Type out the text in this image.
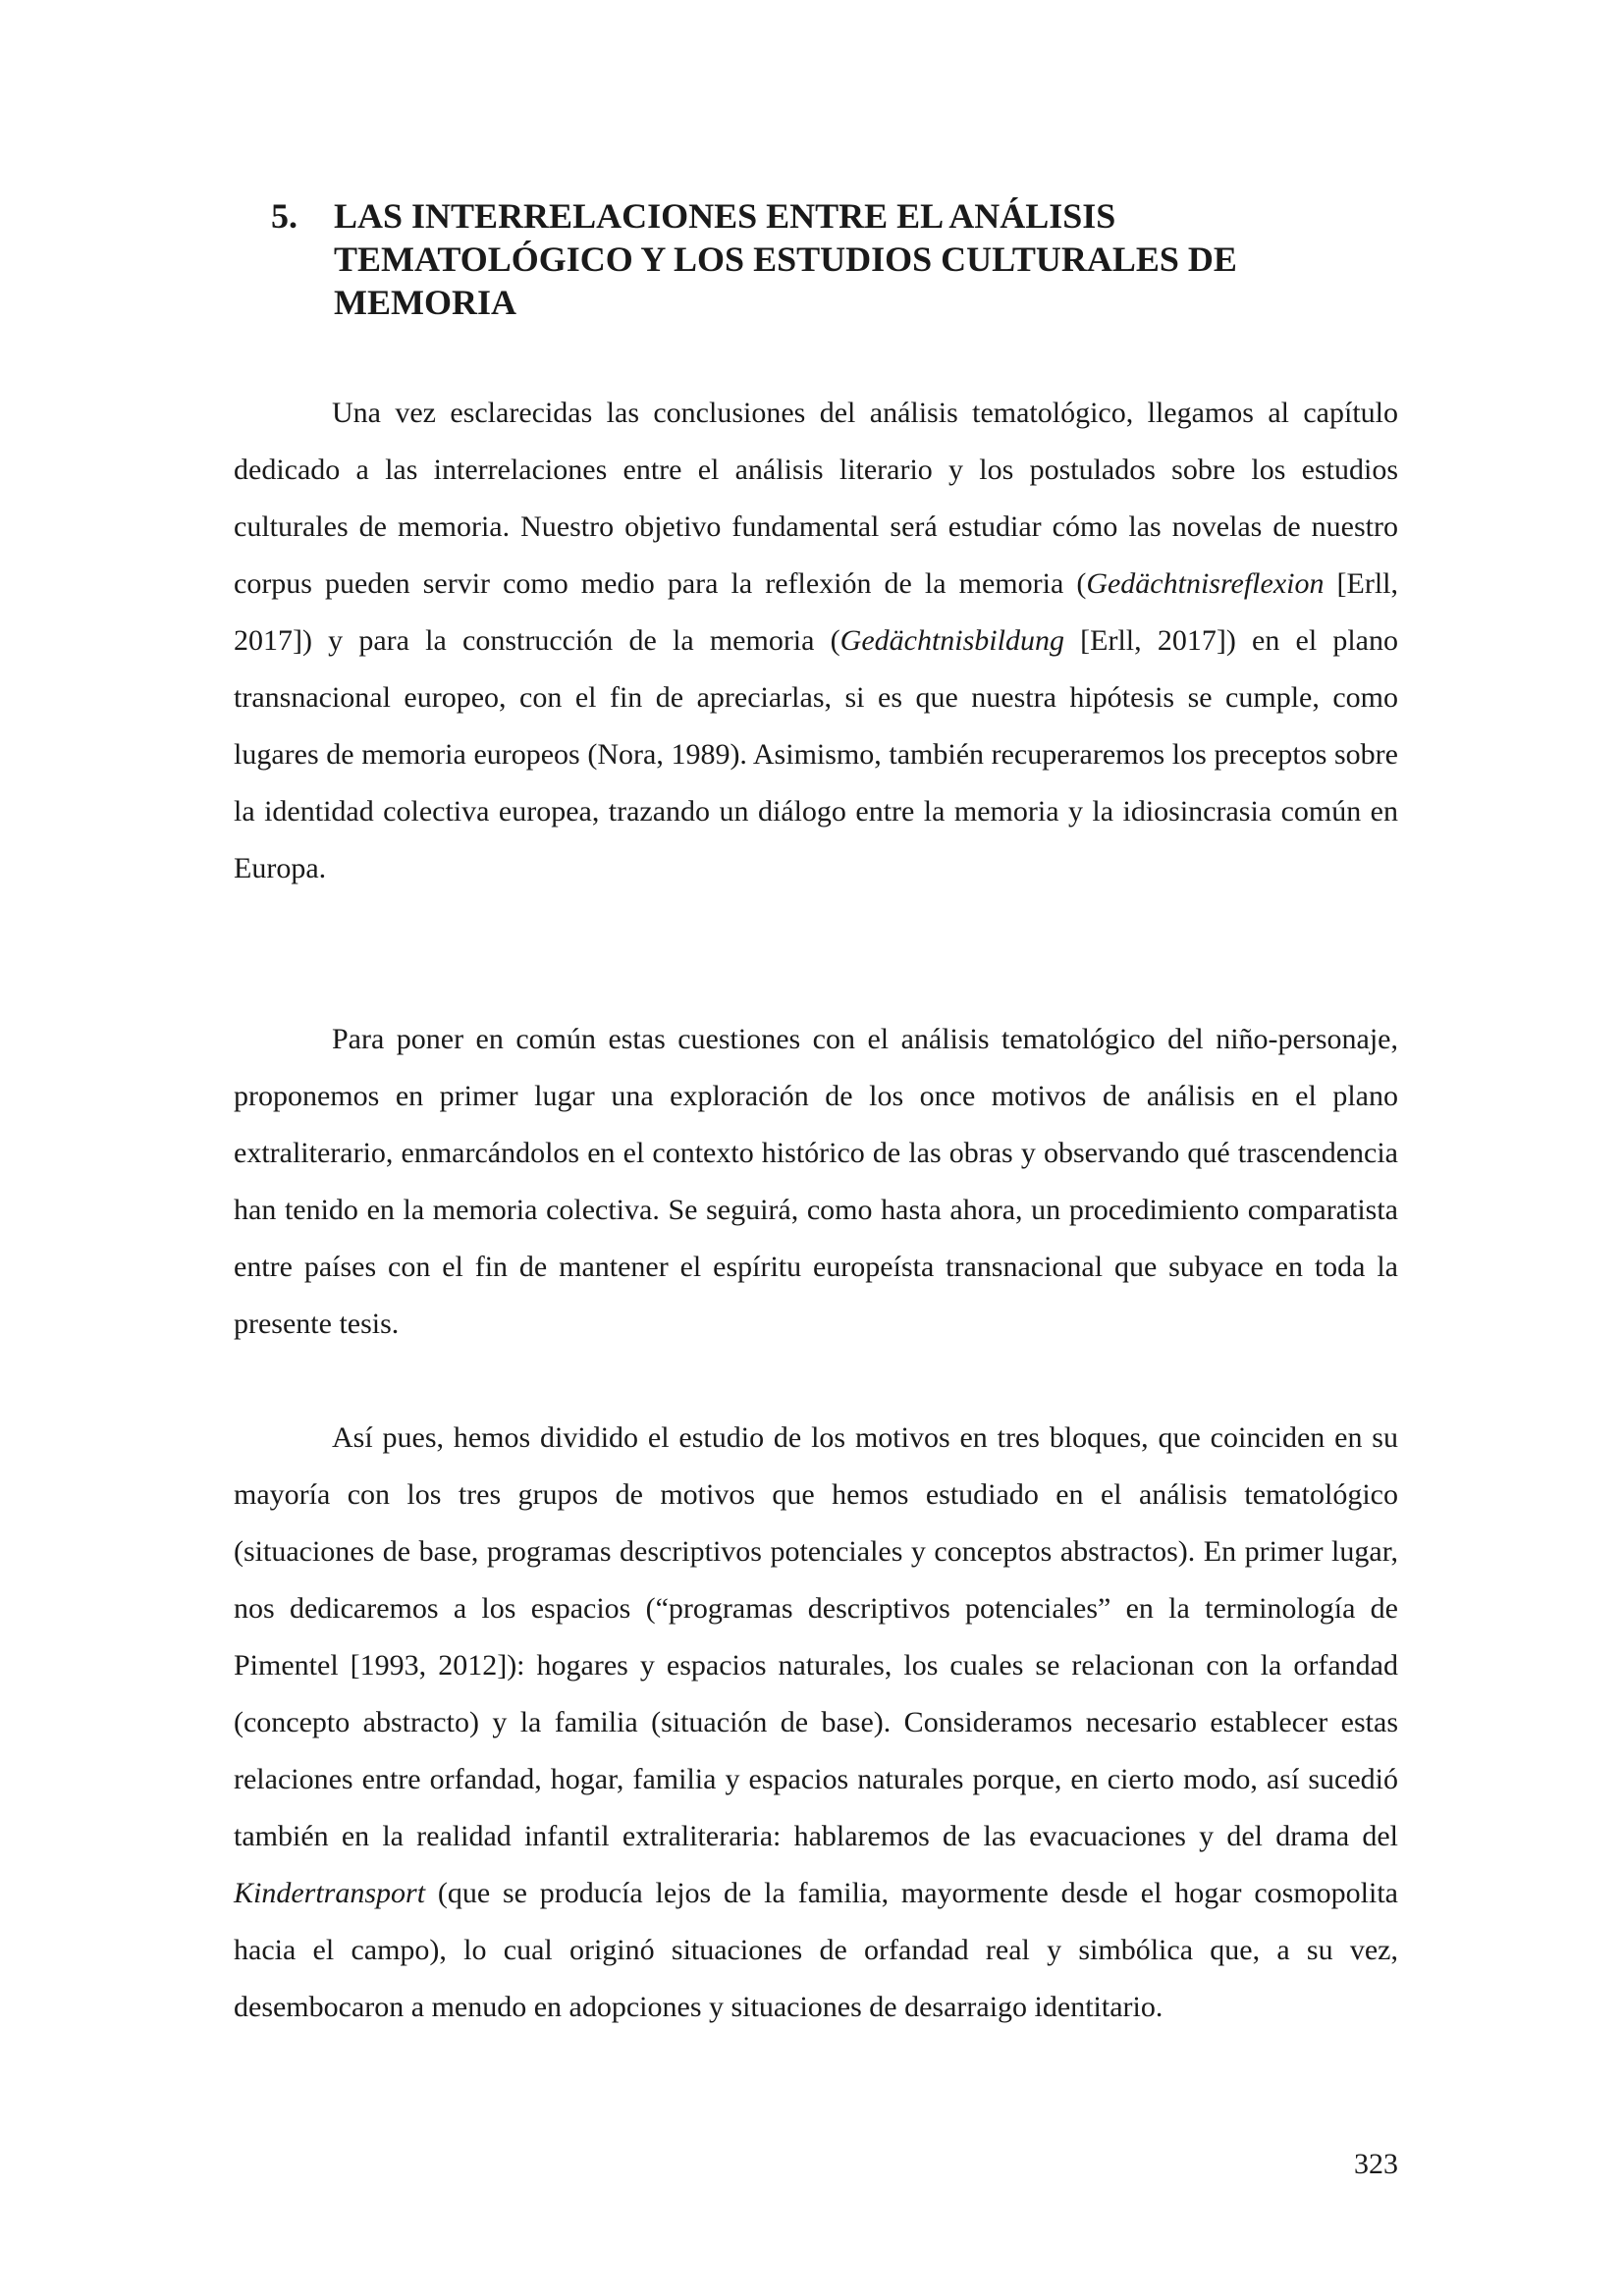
5.	LAS INTERRELACIONES ENTRE EL ANÁLISIS TEMATOLÓGICO Y LOS ESTUDIOS CULTURALES DE MEMORIA

Una vez esclarecidas las conclusiones del análisis tematológico, llegamos al capítulo dedicado a las interrelaciones entre el análisis literario y los postulados sobre los estudios culturales de memoria. Nuestro objetivo fundamental será estudiar cómo las novelas de nuestro corpus pueden servir como medio para la reflexión de la memoria (Gedächtnisreflexion [Erll, 2017]) y para la construcción de la memoria (Gedächtnisbildung [Erll, 2017]) en el plano transnacional europeo, con el fin de apreciarlas, si es que nuestra hipótesis se cumple, como lugares de memoria europeos (Nora, 1989). Asimismo, también recuperaremos los preceptos sobre la identidad colectiva europea, trazando un diálogo entre la memoria y la idiosincrasia común en Europa.

Para poner en común estas cuestiones con el análisis tematológico del niño-personaje, proponemos en primer lugar una exploración de los once motivos de análisis en el plano extraliterario, enmarcándolos en el contexto histórico de las obras y observando qué trascendencia han tenido en la memoria colectiva. Se seguirá, como hasta ahora, un procedimiento comparatista entre países con el fin de mantener el espíritu europeísta transnacional que subyace en toda la presente tesis.

Así pues, hemos dividido el estudio de los motivos en tres bloques, que coinciden en su mayoría con los tres grupos de motivos que hemos estudiado en el análisis tematológico (situaciones de base, programas descriptivos potenciales y conceptos abstractos). En primer lugar, nos dedicaremos a los espacios (“programas descriptivos potenciales” en la terminología de Pimentel [1993, 2012]): hogares y espacios naturales, los cuales se relacionan con la orfandad (concepto abstracto) y la familia (situación de base). Consideramos necesario establecer estas relaciones entre orfandad, hogar, familia y espacios naturales porque, en cierto modo, así sucedió también en la realidad infantil extraliteraria: hablaremos de las evacuaciones y del drama del Kindertransport (que se producía lejos de la familia, mayormente desde el hogar cosmopolita hacia el campo), lo cual originó situaciones de orfandad real y simbólica que, a su vez, desembocaron a menudo en adopciones y situaciones de desarraigo identitario.

323
